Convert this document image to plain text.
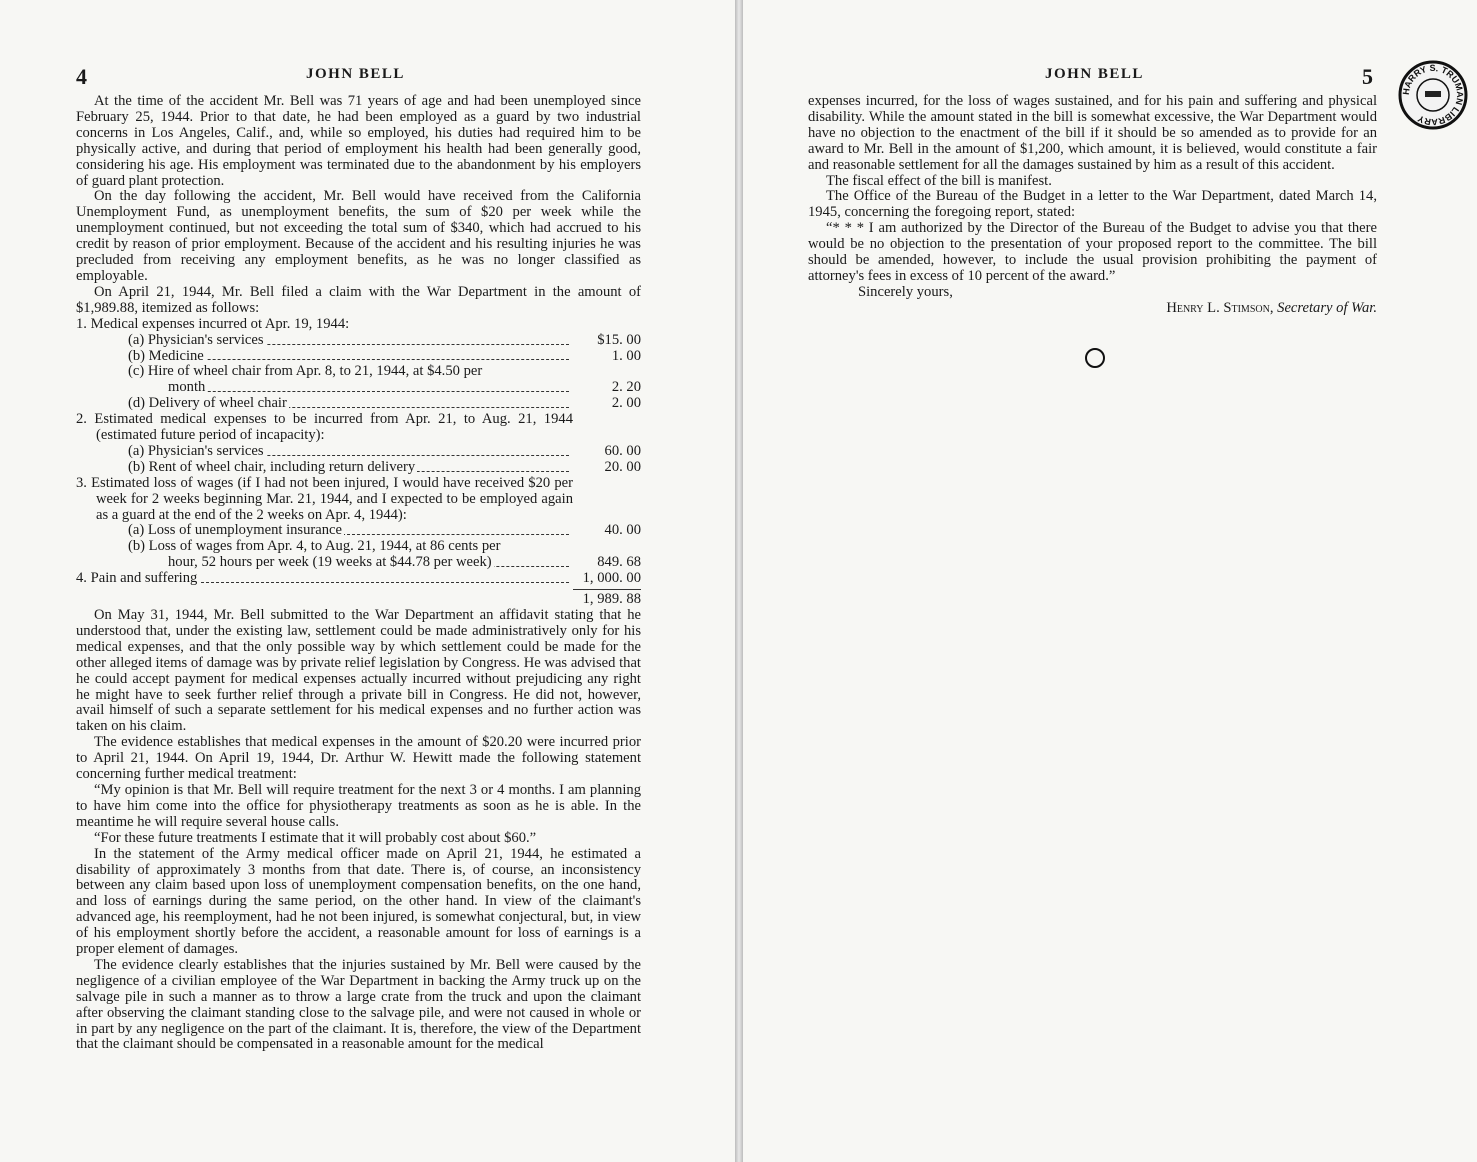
4	JOHN BELL

At the time of the accident Mr. Bell was 71 years of age and had been unemployed since February 25, 1944. Prior to that date, he had been employed as a guard by two industrial concerns in Los Angeles, Calif., and, while so employed, his duties had required him to be physically active, and during that period of employment his health had been generally good, considering his age. His employment was terminated due to the abandonment by his employers of guard plant protection.

On the day following the accident, Mr. Bell would have received from the California Unemployment Fund, as unemployment benefits, the sum of $20 per week while the unemployment continued, but not exceeding the total sum of $340, which had accrued to his credit by reason of prior employment. Because of the accident and his resulting injuries he was precluded from receiving any employment benefits, as he was no longer classified as employable.

On April 21, 1944, Mr. Bell filed a claim with the War Department in the amount of $1,989.88, itemized as follows:

1. Medical expenses incurred ot Apr. 19, 1944:
(a) Physician's services	$15. 00
(b) Medicine	1. 00
(c) Hire of wheel chair from Apr. 8, to 21, 1944, at $4.50 per
month	2. 20
(d) Delivery of wheel chair	2. 00
2. Estimated medical expenses to be incurred from Apr. 21, to Aug. 21, 1944 (estimated future period of incapacity):
(a) Physician's services	60. 00
(b) Rent of wheel chair, including return delivery	20. 00
3. Estimated loss of wages (if I had not been injured, I would have received $20 per week for 2 weeks beginning Mar. 21, 1944, and I expected to be employed again as a guard at the end of the 2 weeks on Apr. 4, 1944):
(a) Loss of unemployment insurance	40. 00
(b) Loss of wages from Apr. 4, to Aug. 21, 1944, at 86 cents per
hour, 52 hours per week (19 weeks at $44.78 per week)	849. 68
4. Pain and suffering	1, 000. 00
1, 989. 88

On May 31, 1944, Mr. Bell submitted to the War Department an affidavit stating that he understood that, under the existing law, settlement could be made administratively only for his medical expenses, and that the only possible way by which settlement could be made for the other alleged items of damage was by private relief legislation by Congress. He was advised that he could accept payment for medical expenses actually incurred without prejudicing any right he might have to seek further relief through a private bill in Congress. He did not, however, avail himself of such a separate settlement for his medical expenses and no further action was taken on his claim.

The evidence establishes that medical expenses in the amount of $20.20 were incurred prior to April 21, 1944. On April 19, 1944, Dr. Arthur W. Hewitt made the following statement concerning further medical treatment:

“My opinion is that Mr. Bell will require treatment for the next 3 or 4 months. I am planning to have him come into the office for physiotherapy treatments as soon as he is able. In the meantime he will require several house calls.

“For these future treatments I estimate that it will probably cost about $60.”

In the statement of the Army medical officer made on April 21, 1944, he estimated a disability of approximately 3 months from that date. There is, of course, an inconsistency between any claim based upon loss of unemployment compensation benefits, on the one hand, and loss of earnings during the same period, on the other hand. In view of the claimant's advanced age, his reemployment, had he not been injured, is somewhat conjectural, but, in view of his employment shortly before the accident, a reasonable amount for loss of earnings is a proper element of damages.

The evidence clearly establishes that the injuries sustained by Mr. Bell were caused by the negligence of a civilian employee of the War Department in backing the Army truck up on the salvage pile in such a manner as to throw a large crate from the truck and upon the claimant after observing the claimant standing close to the salvage pile, and were not caused in whole or in part by any negligence on the part of the claimant. It is, therefore, the view of the Department that the claimant should be compensated in a reasonable amount for the medical

JOHN BELL	5

expenses incurred, for the loss of wages sustained, and for his pain and suffering and physical disability. While the amount stated in the bill is somewhat excessive, the War Department would have no objection to the enactment of the bill if it should be so amended as to provide for an award to Mr. Bell in the amount of $1,200, which amount, it is believed, would constitute a fair and reasonable settlement for all the damages sustained by him as a result of this accident.

The fiscal effect of the bill is manifest.

The Office of the Bureau of the Budget in a letter to the War Department, dated March 14, 1945, concerning the foregoing report, stated:

“* * * I am authorized by the Director of the Bureau of the Budget to advise you that there would be no objection to the presentation of your proposed report to the committee. The bill should be amended, however, to include the usual provision prohibiting the payment of attorney's fees in excess of 10 percent of the award.”

Sincerely yours,

Henry L. Stimson, Secretary of War.

HARRY S. TRUMAN LIBRARY
